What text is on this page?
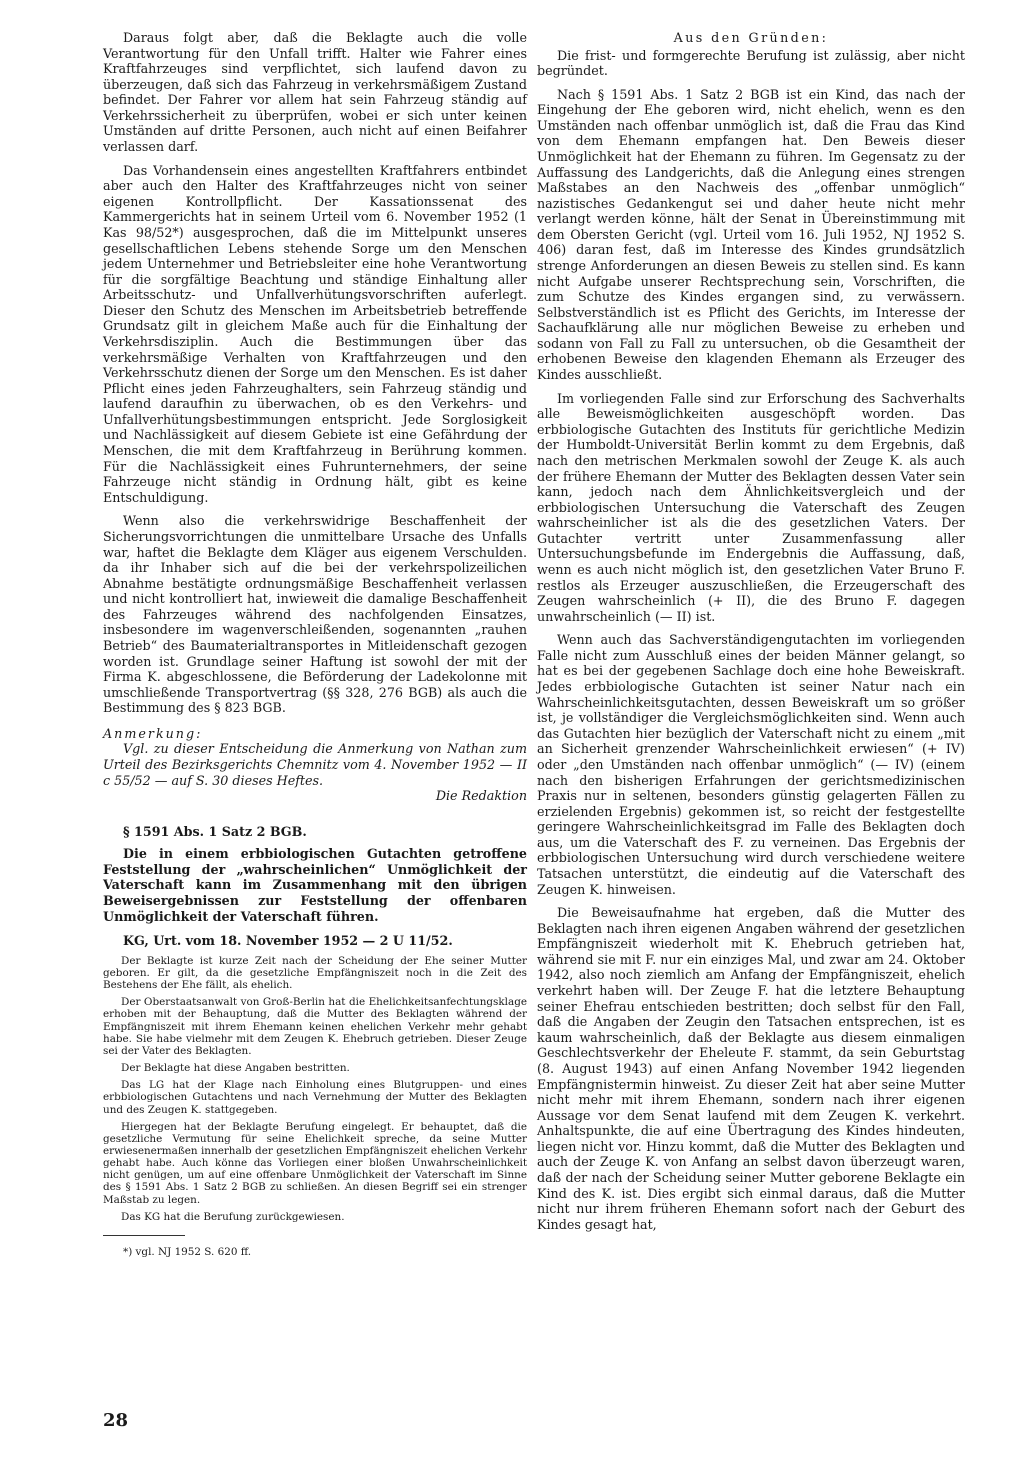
Daraus folgt aber, daß die Beklagte auch die volle Verantwortung für den Unfall trifft. Halter wie Fahrer eines Kraftfahrzeuges sind verpflichtet, sich laufend davon zu überzeugen, daß sich das Fahrzeug in verkehrsmäßigem Zustand befindet. Der Fahrer vor allem hat sein Fahrzeug ständig auf Verkehrssicherheit zu überprüfen, wobei er sich unter keinen Umständen auf dritte Personen, auch nicht auf einen Beifahrer verlassen darf.

Das Vorhandensein eines angestellten Kraftfahrers entbindet aber auch den Halter des Kraftfahrzeuges nicht von seiner eigenen Kontrollpflicht. Der Kassationssenat des Kammergerichts hat in seinem Urteil vom 6. November 1952 (1 Kas 98/52*) ausgesprochen, daß die im Mittelpunkt unseres gesellschaftlichen Lebens stehende Sorge um den Menschen jedem Unternehmer und Betriebsleiter eine hohe Verantwortung für die sorgfältige Beachtung und ständige Einhaltung aller Arbeitsschutz- und Unfallverhütungsvorschriften auferlegt. Dieser den Schutz des Menschen im Arbeitsbetrieb betreffende Grundsatz gilt in gleichem Maße auch für die Einhaltung der Verkehrsdisziplin. Auch die Bestimmungen über das verkehrsmäßige Verhalten von Kraftfahrzeugen und den Verkehrsschutz dienen der Sorge um den Menschen. Es ist daher Pflicht eines jeden Fahrzeughalters, sein Fahrzeug ständig und laufend daraufhin zu überwachen, ob es den Verkehrs- und Unfallverhütungsbestimmungen entspricht. Jede Sorglosigkeit und Nachlässigkeit auf diesem Gebiete ist eine Gefährdung der Menschen, die mit dem Kraftfahrzeug in Berührung kommen. Für die Nachlässigkeit eines Fuhrunternehmers, der seine Fahrzeuge nicht ständig in Ordnung hält, gibt es keine Entschuldigung.

Wenn also die verkehrswidrige Beschaffenheit der Sicherungsvorrichtungen die unmittelbare Ursache des Unfalls war, haftet die Beklagte dem Kläger aus eigenem Verschulden. da ihr Inhaber sich auf die bei der verkehrspolizeilichen Abnahme bestätigte ordnungsmäßige Beschaffenheit verlassen und nicht kontrolliert hat, inwieweit die damalige Beschaffenheit des Fahrzeuges während des nachfolgenden Einsatzes, insbesondere im wagenverschleißenden, sogenannten „rauhen Betrieb“ des Baumaterialtransportes in Mitleidenschaft gezogen worden ist. Grundlage seiner Haftung ist sowohl der mit der Firma K. abgeschlossene, die Beförderung der Ladekolonne mit umschließende Transportvertrag (§§ 328, 276 BGB) als auch die Bestimmung des § 823 BGB.

Anmerkung:

Vgl. zu dieser Entscheidung die Anmerkung von Nathan zum Urteil des Bezirksgerichts Chemnitz vom 4. November 1952 — II c 55/52 — auf S. 30 dieses Heftes.

Die Redaktion

§ 1591 Abs. 1 Satz 2 BGB.

Die in einem erbbiologischen Gutachten getroffene Feststellung der „wahrscheinlichen“ Unmöglichkeit der Vaterschaft kann im Zusammenhang mit den übrigen Beweisergebnissen zur Feststellung der offenbaren Unmöglichkeit der Vaterschaft führen.

KG, Urt. vom 18. November 1952 — 2 U 11/52.

Der Beklagte ist kurze Zeit nach der Scheidung der Ehe seiner Mutter geboren. Er gilt, da die gesetzliche Empfängniszeit noch in die Zeit des Bestehens der Ehe fällt, als ehelich.

Der Oberstaatsanwalt von Groß-Berlin hat die Ehelichkeitsanfechtungsklage erhoben mit der Behauptung, daß die Mutter des Beklagten während der Empfängniszeit mit ihrem Ehemann keinen ehelichen Verkehr mehr gehabt habe. Sie habe vielmehr mit dem Zeugen K. Ehebruch getrieben. Dieser Zeuge sei der Vater des Beklagten.

Der Beklagte hat diese Angaben bestritten.

Das LG hat der Klage nach Einholung eines Blutgruppen- und eines erbbiologischen Gutachtens und nach Vernehmung der Mutter des Beklagten und des Zeugen K. stattgegeben.

Hiergegen hat der Beklagte Berufung eingelegt. Er behauptet, daß die gesetzliche Vermutung für seine Ehelichkeit spreche, da seine Mutter erwiesenermaßen innerhalb der gesetzlichen Empfängniszeit ehelichen Verkehr gehabt habe. Auch könne das Vorliegen einer bloßen Unwahrscheinlichkeit nicht genügen, um auf eine offenbare Unmöglichkeit der Vaterschaft im Sinne des § 1591 Abs. 1 Satz 2 BGB zu schließen. An diesen Begriff sei ein strenger Maßstab zu legen.

Das KG hat die Berufung zurückgewiesen.

*) vgl. NJ 1952 S. 620 ff.

Aus den Gründen:

Die frist- und formgerechte Berufung ist zulässig, aber nicht begründet.

Nach § 1591 Abs. 1 Satz 2 BGB ist ein Kind, das nach der Eingehung der Ehe geboren wird, nicht ehelich, wenn es den Umständen nach offenbar unmöglich ist, daß die Frau das Kind von dem Ehemann empfangen hat. Den Beweis dieser Unmöglichkeit hat der Ehemann zu führen. Im Gegensatz zu der Auffassung des Landgerichts, daß die Anlegung eines strengen Maßstabes an den Nachweis des „offenbar unmöglich“ nazistisches Gedankengut sei und daher heute nicht mehr verlangt werden könne, hält der Senat in Übereinstimmung mit dem Obersten Gericht (vgl. Urteil vom 16. Juli 1952, NJ 1952 S. 406) daran fest, daß im Interesse des Kindes grundsätzlich strenge Anforderungen an diesen Beweis zu stellen sind. Es kann nicht Aufgabe unserer Rechtsprechung sein, Vorschriften, die zum Schutze des Kindes ergangen sind, zu verwässern. Selbstverständlich ist es Pflicht des Gerichts, im Interesse der Sachaufklärung alle nur möglichen Beweise zu erheben und sodann von Fall zu Fall zu untersuchen, ob die Gesamtheit der erhobenen Beweise den klagenden Ehemann als Erzeuger des Kindes ausschließt.

Im vorliegenden Falle sind zur Erforschung des Sachverhalts alle Beweismöglichkeiten ausgeschöpft worden. Das erbbiologische Gutachten des Instituts für gerichtliche Medizin der Humboldt-Universität Berlin kommt zu dem Ergebnis, daß nach den metrischen Merkmalen sowohl der Zeuge K. als auch der frühere Ehemann der Mutter des Beklagten dessen Vater sein kann, jedoch nach dem Ähnlichkeitsvergleich und der erbbiologischen Untersuchung die Vaterschaft des Zeugen wahrscheinlicher ist als die des gesetzlichen Vaters. Der Gutachter vertritt unter Zusammenfassung aller Untersuchungsbefunde im Endergebnis die Auffassung, daß, wenn es auch nicht möglich ist, den gesetzlichen Vater Bruno F. restlos als Erzeuger auszuschließen, die Erzeugerschaft des Zeugen wahrscheinlich (+ II), die des Bruno F. dagegen unwahrscheinlich (— II) ist.

Wenn auch das Sachverständigengutachten im vorliegenden Falle nicht zum Ausschluß eines der beiden Männer gelangt, so hat es bei der gegebenen Sachlage doch eine hohe Beweiskraft. Jedes erbbiologische Gutachten ist seiner Natur nach ein Wahrscheinlichkeitsgutachten, dessen Beweiskraft um so größer ist, je vollständiger die Vergleichsmöglichkeiten sind. Wenn auch das Gutachten hier bezüglich der Vaterschaft nicht zu einem „mit an Sicherheit grenzender Wahrscheinlichkeit erwiesen“ (+ IV) oder „den Umständen nach offenbar unmöglich“ (— IV) (einem nach den bisherigen Erfahrungen der gerichtsmedizinischen Praxis nur in seltenen, besonders günstig gelagerten Fällen zu erzielenden Ergebnis) gekommen ist, so reicht der festgestellte geringere Wahrscheinlichkeitsgrad im Falle des Beklagten doch aus, um die Vaterschaft des F. zu verneinen. Das Ergebnis der erbbiologischen Untersuchung wird durch verschiedene weitere Tatsachen unterstützt, die eindeutig auf die Vaterschaft des Zeugen K. hinweisen.

Die Beweisaufnahme hat ergeben, daß die Mutter des Beklagten nach ihren eigenen Angaben während der gesetzlichen Empfängniszeit wiederholt mit K. Ehebruch getrieben hat, während sie mit F. nur ein einziges Mal, und zwar am 24. Oktober 1942, also noch ziemlich am Anfang der Empfängniszeit, ehelich verkehrt haben will. Der Zeuge F. hat die letztere Behauptung seiner Ehefrau entschieden bestritten; doch selbst für den Fall, daß die Angaben der Zeugin den Tatsachen entsprechen, ist es kaum wahrscheinlich, daß der Beklagte aus diesem einmaligen Geschlechtsverkehr der Eheleute F. stammt, da sein Geburtstag (8. August 1943) auf einen Anfang November 1942 liegenden Empfängnistermin hinweist. Zu dieser Zeit hat aber seine Mutter nicht mehr mit ihrem Ehemann, sondern nach ihrer eigenen Aussage vor dem Senat laufend mit dem Zeugen K. verkehrt. Anhaltspunkte, die auf eine Übertragung des Kindes hindeuten, liegen nicht vor. Hinzu kommt, daß die Mutter des Beklagten und auch der Zeuge K. von Anfang an selbst davon überzeugt waren, daß der nach der Scheidung seiner Mutter geborene Beklagte ein Kind des K. ist. Dies ergibt sich einmal daraus, daß die Mutter nicht nur ihrem früheren Ehemann sofort nach der Geburt des Kindes gesagt hat,

28
